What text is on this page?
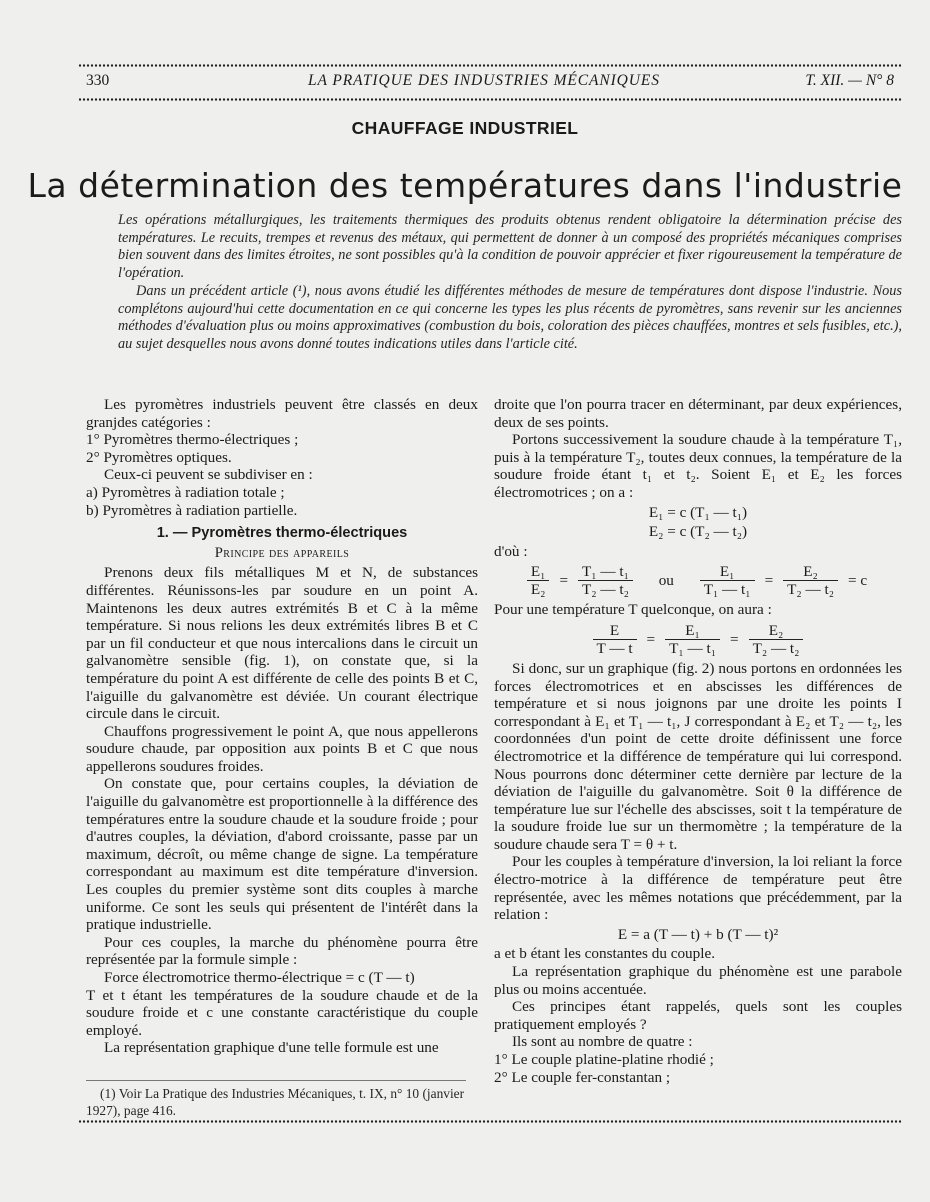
330	LA PRATIQUE DES INDUSTRIES MÉCANIQUES	T. XII. — N° 8
CHAUFFAGE INDUSTRIEL
La détermination des températures dans l'industrie

Les opérations métallurgiques, les traitements thermiques des produits obtenus rendent obligatoire la détermination précise des températures. Le recuits, trempes et revenus des métaux, qui permettent de donner à un composé des propriétés mécaniques comprises bien souvent dans des limites étroites, ne sont possibles qu'à la condition de pouvoir apprécier et fixer rigoureusement la température de l'opération.

Dans un précédent article (¹), nous avons étudié les différentes méthodes de mesure de températures dont dispose l'industrie. Nous complétons aujourd'hui cette documentation en ce qui concerne les types les plus récents de pyromètres, sans revenir sur les anciennes méthodes d'évaluation plus ou moins approximatives (combustion du bois, coloration des pièces chauffées, montres et sels fusibles, etc.), au sujet desquelles nous avons donné toutes indications utiles dans l'article cité.

Les pyromètres industriels peuvent être classés en deux granjdes catégories :

1° Pyromètres thermo-électriques ;

2° Pyromètres optiques.

Ceux-ci peuvent se subdiviser en :

a) Pyromètres à radiation totale ;

b) Pyromètres à radiation partielle.

1. — Pyromètres thermo-électriques
Principe des appareils

Prenons deux fils métalliques M et N, de substances différentes. Réunissons-les par soudure en un point A. Maintenons les deux autres extrémités B et C à la même température. Si nous relions les deux extrémités libres B et C par un fil conducteur et que nous intercalions dans le circuit un galvanomètre sensible (fig. 1), on constate que, si la température du point A est différente de celle des points B et C, l'aiguille du galvanomètre est déviée. Un courant électrique circule dans le circuit.

Chauffons progressivement le point A, que nous appellerons soudure chaude, par opposition aux points B et C que nous appellerons soudures froides.

On constate que, pour certains couples, la déviation de l'aiguille du galvanomètre est proportionnelle à la différence des températures entre la soudure chaude et la soudure froide ; pour d'autres couples, la déviation, d'abord croissante, passe par un maximum, décroît, ou même change de signe. La température correspondant au maximum est dite température d'inversion. Les couples du premier système sont dits couples à marche uniforme. Ce sont les seuls qui présentent de l'intérêt dans la pratique industrielle.

Pour ces couples, la marche du phénomène pourra être représentée par la formule simple :

Force électromotrice thermo-électrique = c (T — t)

T et t étant les températures de la soudure chaude et de la soudure froide et c une constante caractéristique du couple employé.

La représentation graphique d'une telle formule est une

droite que l'on pourra tracer en déterminant, par deux expériences, deux de ses points.

Portons successivement la soudure chaude à la température T₁, puis à la température T₂, toutes deux connues, la température de la soudure froide étant t₁ et t₂. Soient E₁ et E₂ les forces électromotrices ; on a :

E₁ = c (T₁ — t₁)
E₂ = c (T₂ — t₂)

d'où :

$\frac{\text{E₁}}{\text{E₂}} = \frac{\text{T₁ — t₁}}{\text{T₂ — t₂}}$ ou $\frac{\text{E₁}}{\text{T₁ — t₁}} = \frac{\text{E₂}}{\text{T₂ — t₂}} = c$

Pour une température T quelconque, on aura :

$\frac{E}{T — t} = \frac{\text{E₁}}{\text{T₁ — t₁}} = \frac{\text{E₂}}{\text{T₂ — t₂}}$

Si donc, sur un graphique (fig. 2) nous portons en ordonnées les forces électromotrices et en abscisses les différences de température et si nous joignons par une droite les points I correspondant à E₁ et T₁ — t₁, J correspondant à E₂ et T₂ — t₂, les coordonnées d'un point de cette droite définissent une force électromotrice et la différence de température qui lui correspond. Nous pourrons donc déterminer cette dernière par lecture de la déviation de l'aiguille du galvanomètre. Soit θ la différence de température lue sur l'échelle des abscisses, soit t la température de la soudure froide lue sur un thermomètre ; la température de la soudure chaude sera T = θ + t.

Pour les couples à température d'inversion, la loi reliant la force électro-motrice à la différence de température peut être représentée, avec les mêmes notations que précédemment, par la relation :

E = a (T — t) + b (T — t)²

a et b étant les constantes du couple.

La représentation graphique du phénomène est une parabole plus ou moins accentuée.

Ces principes étant rappelés, quels sont les couples pratiquement employés ?

Ils sont au nombre de quatre :

1° Le couple platine-platine rhodié ;

2° Le couple fer-constantan ;

(1) Voir La Pratique des Industries Mécaniques, t. IX, n° 10 (janvier 1927), page 416.
